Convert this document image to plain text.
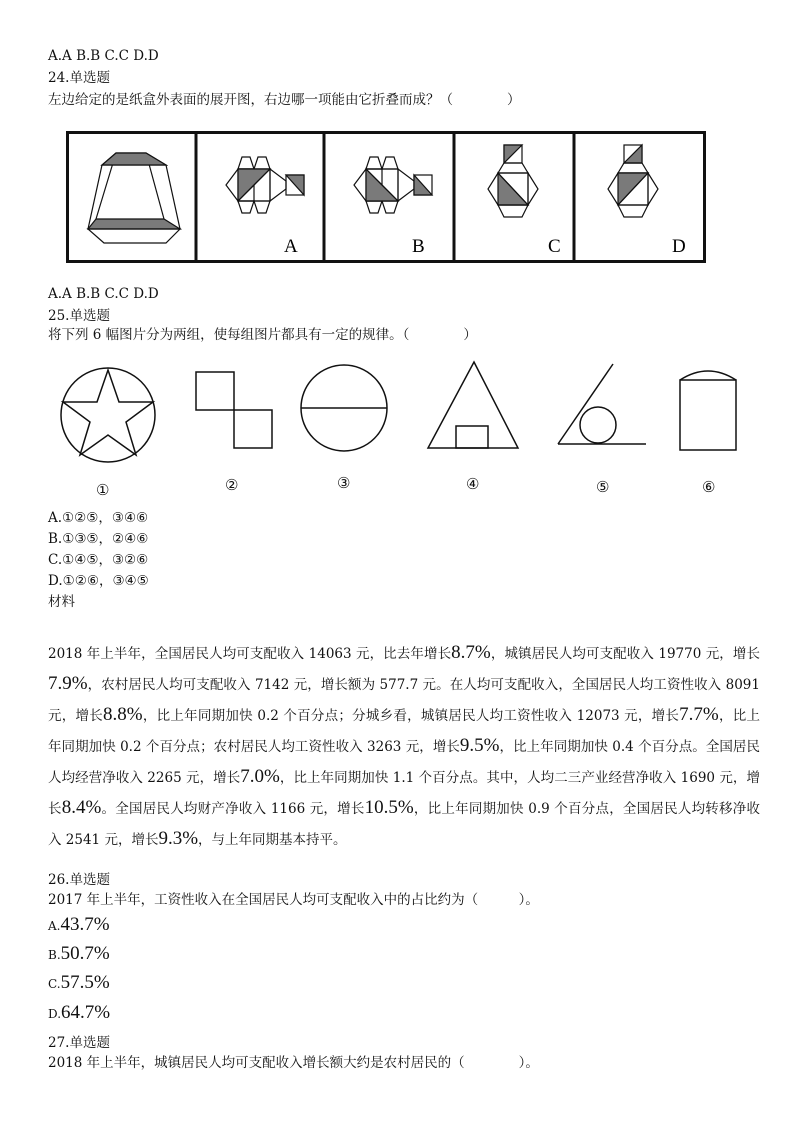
A.A B.B C.C D.D
24.单选题
左边给定的是纸盒外表面的展开图，右边哪一项能由它折叠而成？（　　　　）
A	B	C	D
A.A B.B C.C D.D
25.单选题
将下列 6 幅图片分为两组，使每组图片都具有一定的规律。（　　　　）
①	②	③	④	⑤	⑥
A.①②⑤，③④⑥
B.①③⑤，②④⑥
C.①④⑤，③②⑥
D.①②⑥，③④⑤
材料
2018 年上半年，全国居民人均可支配收入 14063 元，比去年增长8.7%，城镇居民人均可支配收入 19770 元，增长7.9%，农村居民人均可支配收入 7142 元，增长额为 577.7 元。在人均可支配收入，全国居民人均工资性收入 8091 元，增长8.8%，比上年同期加快 0.2 个百分点；分城乡看，城镇居民人均工资性收入 12073 元，增长7.7%，比上年同期加快 0.2 个百分点；农村居民人均工资性收入 3263 元，增长9.5%，比上年同期加快 0.4 个百分点。全国居民人均经营净收入 2265 元，增长7.0%，比上年同期加快 1.1 个百分点。其中，人均二三产业经营净收入 1690 元，增长8.4%。全国居民人均财产净收入 1166 元，增长10.5%，比上年同期加快 0.9 个百分点，全国居民人均转移净收入 2541 元，增长9.3%，与上年同期基本持平。
26.单选题
2017 年上半年，工资性收入在全国居民人均可支配收入中的占比约为（　　　）。
A.43.7%
B.50.7%
C.57.5%
D.64.7%
27.单选题
2018 年上半年，城镇居民人均可支配收入增长额大约是农村居民的（　　　　）。
